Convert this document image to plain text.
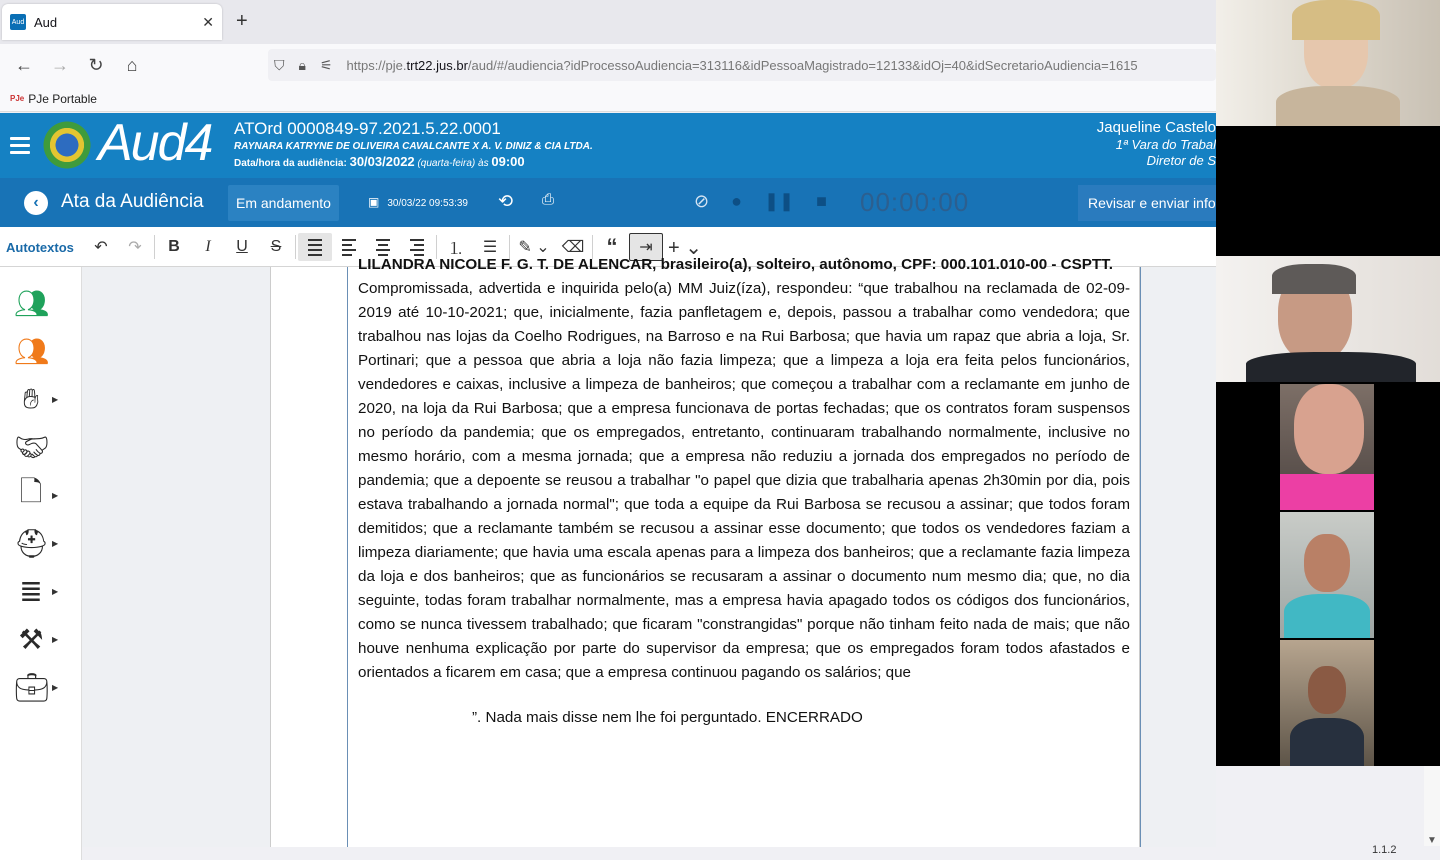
Aud Aud	✕ +
←	→	↻	⌂	⛉ 🔒︎ ⚟ https://pje.trt22.jus.br/aud/#/audiencia?idProcessoAudiencia=313116&idPessoaMagistrado=12133&idOj=40&idSecretarioAudiencia=1615
PJe PJe Portable
Aud4 ATOrd 0000849-97.2021.5.22.0001
RAYNARA KATRYNE DE OLIVEIRA CAVALCANTE X A. V. DINIZ & CIA LTDA.
Data/hora da audiência: 30/03/2022 (quarta-feira) às 09:00
Jaqueline Castelo
1ª Vara do Trabal
Diretor de S
‹	Ata da Audiência	Em andamento	▣ 30/03/22 09:53:39 ⟲ ⎙	⊘ ● ❚❚ ■ 00:00:00	Revisar e enviar info
Autotextos	↶	↷	B	I	U	S	⒈	☰	✎ ⌄ ⌫	“	⇥ + ⌄
👥︎
👥︎
✋︎	▶
🤝︎
🗋	▶
⛑︎ ▶
≣	▶
⚒︎	▶
💼︎ ▶
LILANDRA NICOLE F. G. T. DE ALENCAR, brasileiro(a), solteiro, autônomo, CPF: 000.101.010-00 - CSPTT.
Compromissada, advertida e inquirida pelo(a) MM Juiz(íza), respondeu: “que trabalhou na reclamada de 02-09-2019 até 10-10-2021; que, inicialmente, fazia panfletagem e, depois, passou a trabalhar como vendedora; que trabalhou nas lojas da Coelho Rodrigues, na Barroso e na Rui Barbosa; que havia um rapaz que abria a loja, Sr. Portinari; que a pessoa que abria a loja não fazia limpeza; que a limpeza a loja era feita pelos funcionários, vendedores e caixas, inclusive a limpeza de banheiros; que começou a trabalhar com a reclamante em junho de 2020, na loja da Rui Barbosa; que a empresa funcionava de portas fechadas; que os contratos foram suspensos no período da pandemia; que os empregados, entretanto, continuaram trabalhando normalmente, inclusive no mesmo horário, com a mesma jornada; que a empresa não reduziu a jornada dos empregados no período de pandemia; que a depoente se reusou a trabalhar "o papel que dizia que trabalharia apenas 2h30min por dia, pois estava trabalhando a jornada normal"; que toda a equipe da Rui Barbosa se recusou a assinar; que todos foram demitidos; que a reclamante também se recusou a assinar esse documento; que todos os vendedores faziam a limpeza diariamente; que havia uma escala apenas para a limpeza dos banheiros; que a reclamante fazia limpeza da loja e dos banheiros; que as funcionários se recusaram a assinar o documento num mesmo dia; que, no dia seguinte, todas foram trabalhar normalmente, mas a empresa havia apagado todos os códigos dos funcionários, como se nunca tivessem trabalhado; que ficaram "constrangidas" porque não tinham feito nada de mais; que não houve nenhuma explicação por parte do supervisor da empresa; que os empregados foram todos afastados e orientados a ficarem em casa; que a empresa continuou pagando os salários; que
”. Nada mais disse nem lhe foi perguntado. ENCERRADO
▼
1.1.2
